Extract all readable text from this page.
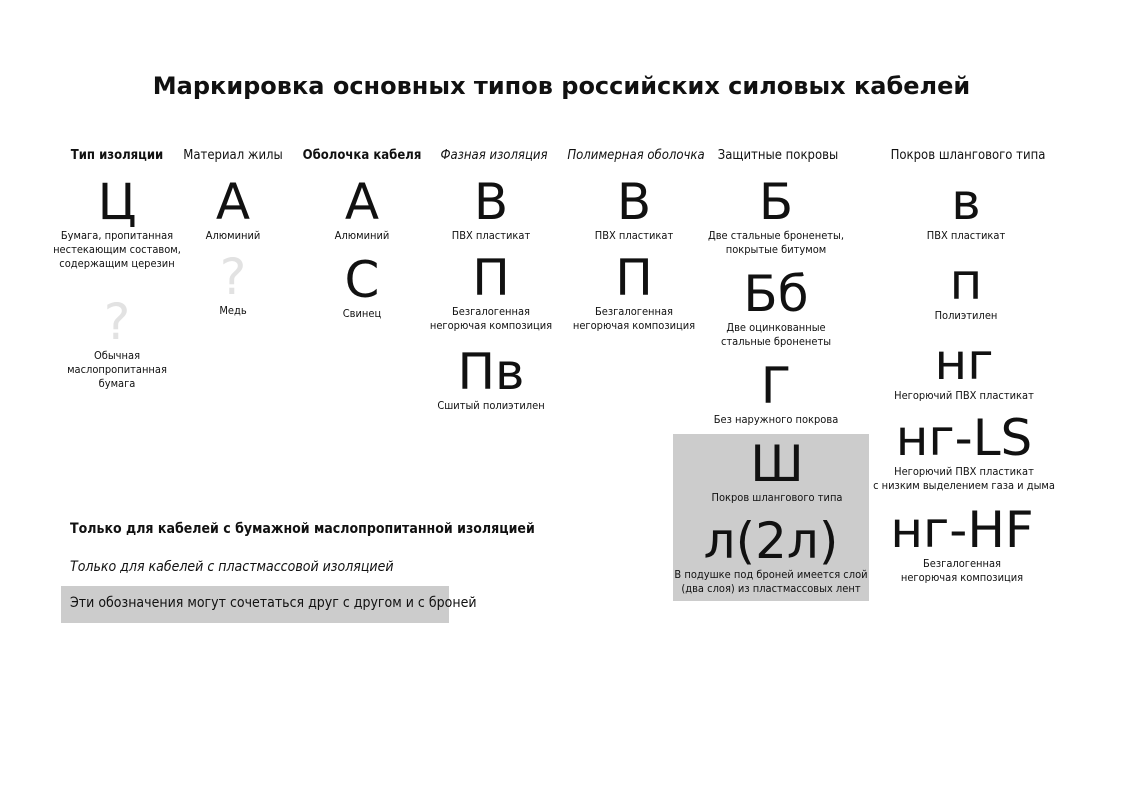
Маркировка основных типов российских силовых кабелей
Тип изоляции Материал жилы Оболочка кабеля Фазная изоляция Полимерная оболочка Защитные покровы	Покров шлангового типа
Ц
Бумага, пропитанная
нестекающим составом,
содержащим церезин
?
Обычная
маслопропитанная
бумага
А
Алюминий
?
Медь
А
Алюминий
С
Свинец
В
ПВХ пластикат
П
Безгалогенная
негорючая композиция
Пв
Сшитый полиэтилен
В
ПВХ пластикат
П
Безгалогенная
негорючая композиция
Б
Две стальные броненеты,
покрытые битумом
Бб
Две оцинкованные
стальные броненеты
Г
Без наружного покрова
Ш
Покров шлангового типа
л(2л)
В подушке под броней имеется слой
(два слоя) из пластмассовых лент
в
ПВХ пластикат
п
Полиэтилен
нг
Негорючий ПВХ пластикат
нг-LS
Негорючий ПВХ пластикат
с низким выделением газа и дыма
нг-HF
Безгалогенная
негорючая композиция
Только для кабелей с бумажной маслопропитанной изоляцией
Только для кабелей с пластмассовой изоляцией
Эти обозначения могут сочетаться друг с другом и с броней
